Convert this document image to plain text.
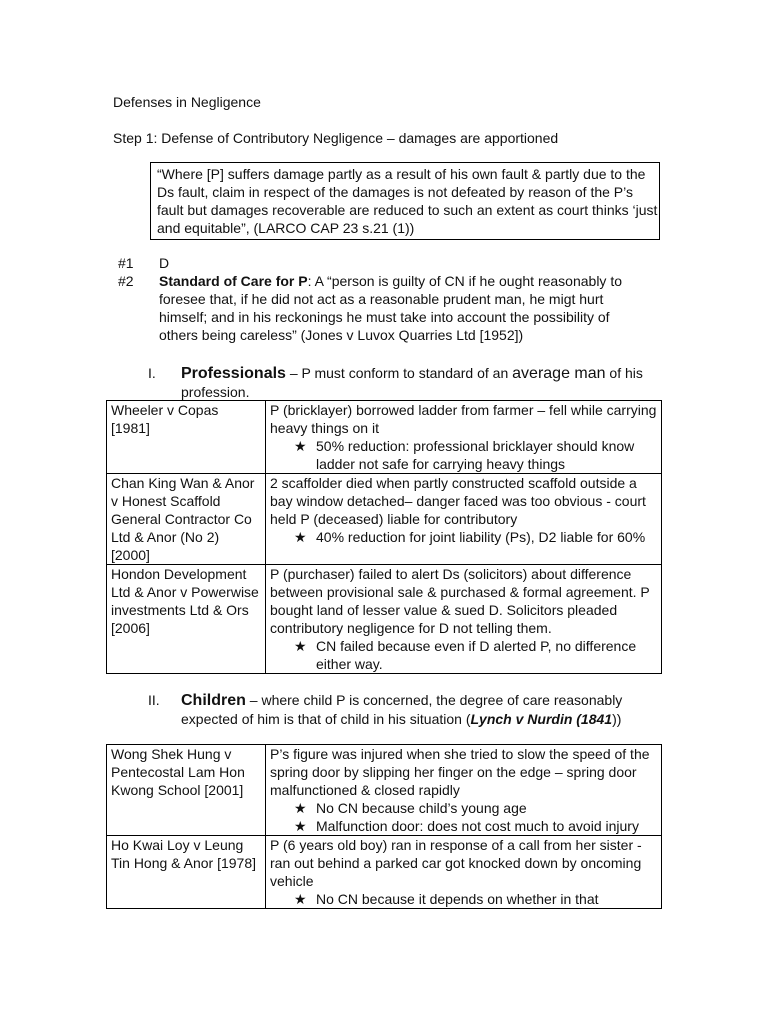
Defenses in Negligence
Step 1: Defense of Contributory Negligence – damages are apportioned
“Where [P] suffers damage partly as a result of his own fault & partly due to the Ds fault, claim in respect of the damages is not defeated by reason of the P’s fault but damages recoverable are reduced to such an extent as court thinks ‘just and equitable”, (LARCO CAP 23 s.21 (1))
#1 D
#2 Standard of Care for P: A “person is guilty of CN if he ought reasonably to foresee that, if he did not act as a reasonable prudent man, he migt hurt himself; and in his reckonings he must take into account the possibility of others being careless” (Jones v Luvox Quarries Ltd [1952])
I. Professionals – P must conform to standard of an average man of his profession.
Wheeler v Copas [1981]	P (bricklayer) borrowed ladder from farmer – fell while carrying heavy things on it
★ 50% reduction: professional bricklayer should know ladder not safe for carrying heavy things

Chan King Wan & Anor v Honest Scaffold General Contractor Co Ltd & Anor (No 2) [2000]	2 scaffolder died when partly constructed scaffold outside a bay window detached– danger faced was too obvious - court held P (deceased) liable for contributory
★ 40% reduction for joint liability (Ps), D2 liable for 60%

Hondon Development Ltd & Anor v Powerwise investments Ltd & Ors [2006]	P (purchaser) failed to alert Ds (solicitors) about difference between provisional sale & purchased & formal agreement. P bought land of lesser value & sued D. Solicitors pleaded contributory negligence for D not telling them.
★ CN failed because even if D alerted P, no difference either way.
II. Children – where child P is concerned, the degree of care reasonably expected of him is that of child in his situation (Lynch v Nurdin (1841))
Wong Shek Hung v Pentecostal Lam Hon Kwong School [2001]	P’s figure was injured when she tried to slow the speed of the spring door by slipping her finger on the edge – spring door malfunctioned & closed rapidly
★ No CN because child’s young age
★ Malfunction door: does not cost much to avoid injury

Ho Kwai Loy v Leung Tin Hong & Anor [1978]	P (6 years old boy) ran in response of a call from her sister - ran out behind a parked car got knocked down by oncoming vehicle
★ No CN because it depends on whether in that
